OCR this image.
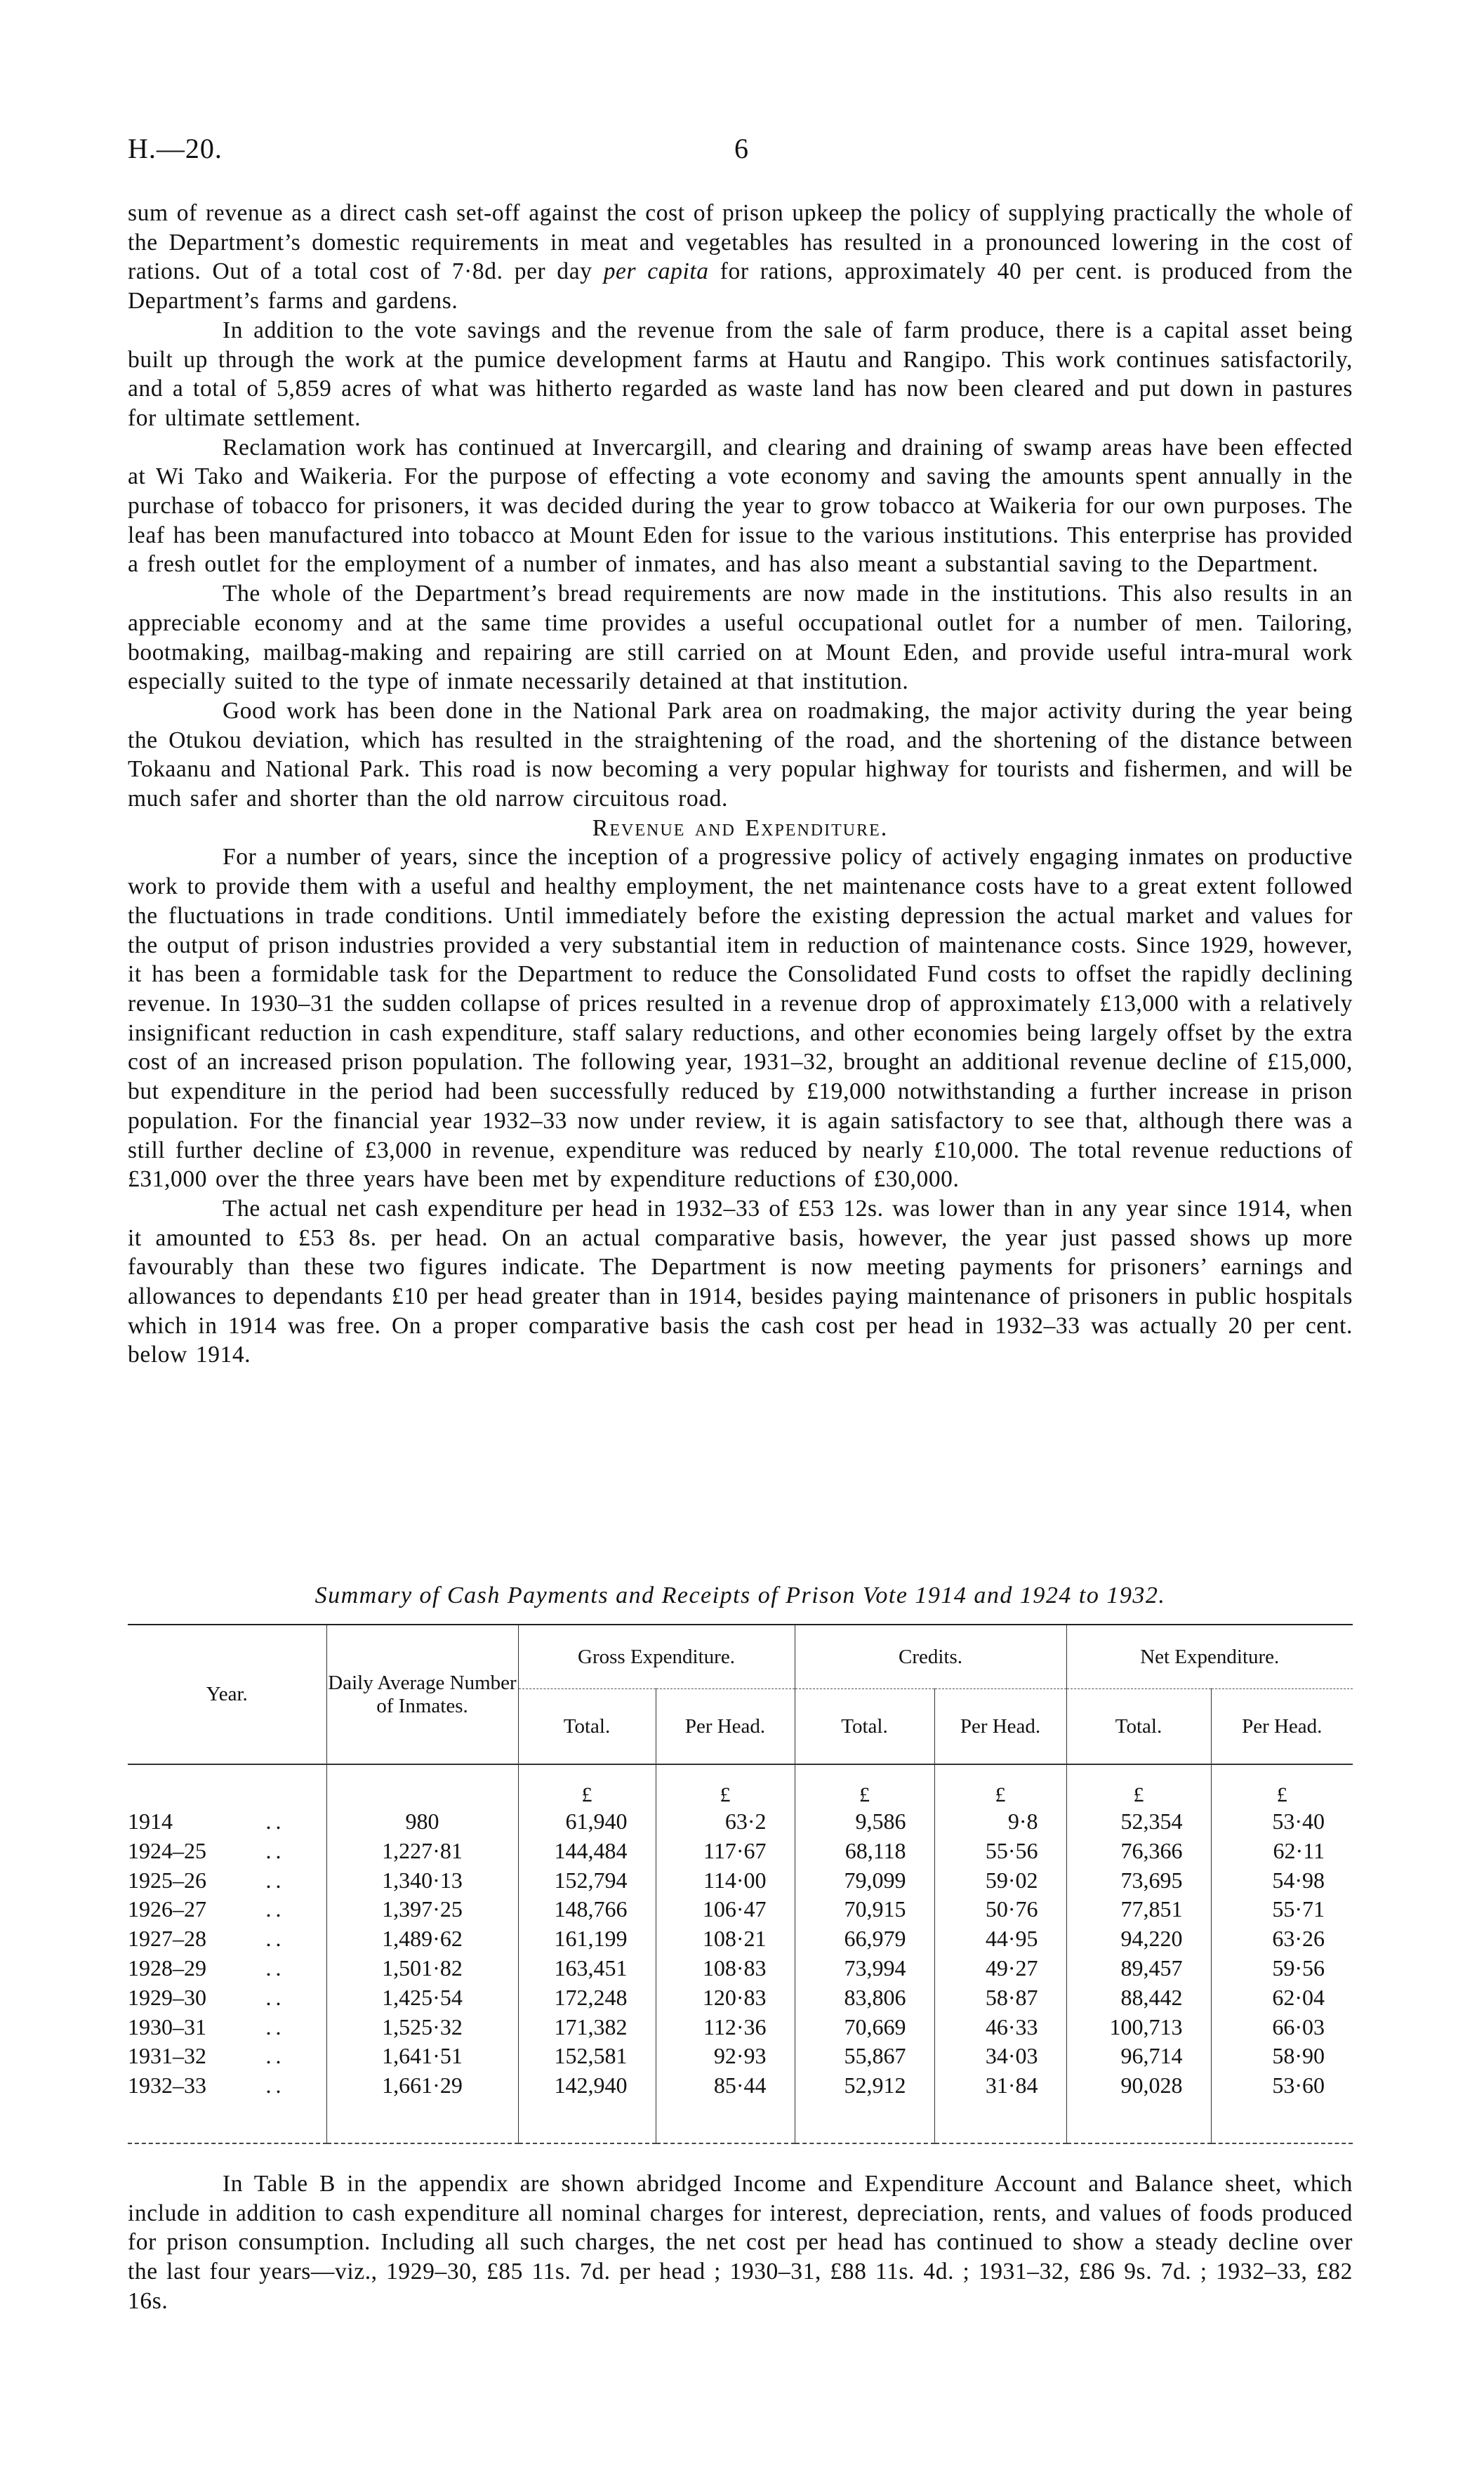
H.—20.	6

sum of revenue as a direct cash set-off against the cost of prison upkeep the policy of supplying practically the whole of the Department’s domestic requirements in meat and vegetables has resulted in a pronounced lowering in the cost of rations. Out of a total cost of 7·8d. per day per capita for rations, approximately 40 per cent. is produced from the Department’s farms and gardens.

In addition to the vote savings and the revenue from the sale of farm produce, there is a capital asset being built up through the work at the pumice development farms at Hautu and Rangipo. This work continues satisfactorily, and a total of 5,859 acres of what was hitherto regarded as waste land has now been cleared and put down in pastures for ultimate settlement.

Reclamation work has continued at Invercargill, and clearing and draining of swamp areas have been effected at Wi Tako and Waikeria. For the purpose of effecting a vote economy and saving the amounts spent annually in the purchase of tobacco for prisoners, it was decided during the year to grow tobacco at Waikeria for our own purposes. The leaf has been manufactured into tobacco at Mount Eden for issue to the various institutions. This enterprise has provided a fresh outlet for the employment of a number of inmates, and has also meant a substantial saving to the Department.

The whole of the Department’s bread requirements are now made in the institutions. This also results in an appreciable economy and at the same time provides a useful occupational outlet for a number of men. Tailoring, bootmaking, mailbag-making and repairing are still carried on at Mount Eden, and provide useful intra-mural work especially suited to the type of inmate necessarily detained at that institution.

Good work has been done in the National Park area on roadmaking, the major activity during the year being the Otukou deviation, which has resulted in the straightening of the road, and the shortening of the distance between Tokaanu and National Park. This road is now becoming a very popular highway for tourists and fishermen, and will be much safer and shorter than the old narrow circuitous road.

Revenue and Expenditure.

For a number of years, since the inception of a progressive policy of actively engaging inmates on productive work to provide them with a useful and healthy employment, the net maintenance costs have to a great extent followed the fluctuations in trade conditions. Until immediately before the existing depression the actual market and values for the output of prison industries provided a very substantial item in reduction of maintenance costs. Since 1929, however, it has been a formidable task for the Department to reduce the Consolidated Fund costs to offset the rapidly declining revenue. In 1930–31 the sudden collapse of prices resulted in a revenue drop of approximately £13,000 with a relatively insignificant reduction in cash expenditure, staff salary reductions, and other economies being largely offset by the extra cost of an increased prison population. The following year, 1931–32, brought an additional revenue decline of £15,000, but expenditure in the period had been successfully reduced by £19,000 notwithstanding a further increase in prison population. For the financial year 1932–33 now under review, it is again satisfactory to see that, although there was a still further decline of £3,000 in revenue, expenditure was reduced by nearly £10,000. The total revenue reductions of £31,000 over the three years have been met by expenditure reductions of £30,000.

The actual net cash expenditure per head in 1932–33 of £53 12s. was lower than in any year since 1914, when it amounted to £53 8s. per head. On an actual comparative basis, however, the year just passed shows up more favourably than these two figures indicate. The Department is now meeting payments for prisoners’ earnings and allowances to dependants £10 per head greater than in 1914, besides paying maintenance of prisoners in public hospitals which in 1914 was free. On a proper comparative basis the cash cost per head in 1932–33 was actually 20 per cent. below 1914.

Summary of Cash Payments and Receipts of Prison Vote 1914 and 1924 to 1932.
Year.	Daily Average Number of Inmates.	Gross Expenditure.		Credits.		Net Expenditure.	
		Total.	Per Head.	Total.	Per Head.	Total.	Per Head.

		£	£	£	£	£	£
1914 ..	980	61,940	63·2	9,586	9·8	52,354	53·40
1924–25 ..	1,227·81	144,484	117·67	68,118	55·56	76,366	62·11
1925–26 ..	1,340·13	152,794	114·00	79,099	59·02	73,695	54·98
1926–27 ..	1,397·25	148,766	106·47	70,915	50·76	77,851	55·71
1927–28 ..	1,489·62	161,199	108·21	66,979	44·95	94,220	63·26
1928–29 ..	1,501·82	163,451	108·83	73,994	49·27	89,457	59·56
1929–30 ..	1,425·54	172,248	120·83	83,806	58·87	88,442	62·04
1930–31 ..	1,525·32	171,382	112·36	70,669	46·33	100,713	66·03
1931–32 ..	1,641·51	152,581	92·93	55,867	34·03	96,714	58·90
1932–33 ..	1,661·29	142,940	85·44	52,912	31·84	90,028	53·60

In Table B in the appendix are shown abridged Income and Expenditure Account and Balance sheet, which include in addition to cash expenditure all nominal charges for interest, depreciation, rents, and values of foods produced for prison consumption. Including all such charges, the net cost per head has continued to show a steady decline over the last four years—viz., 1929–30, £85 11s. 7d. per head ; 1930–31, £88 11s. 4d. ; 1931–32, £86 9s. 7d. ; 1932–33, £82 16s.
